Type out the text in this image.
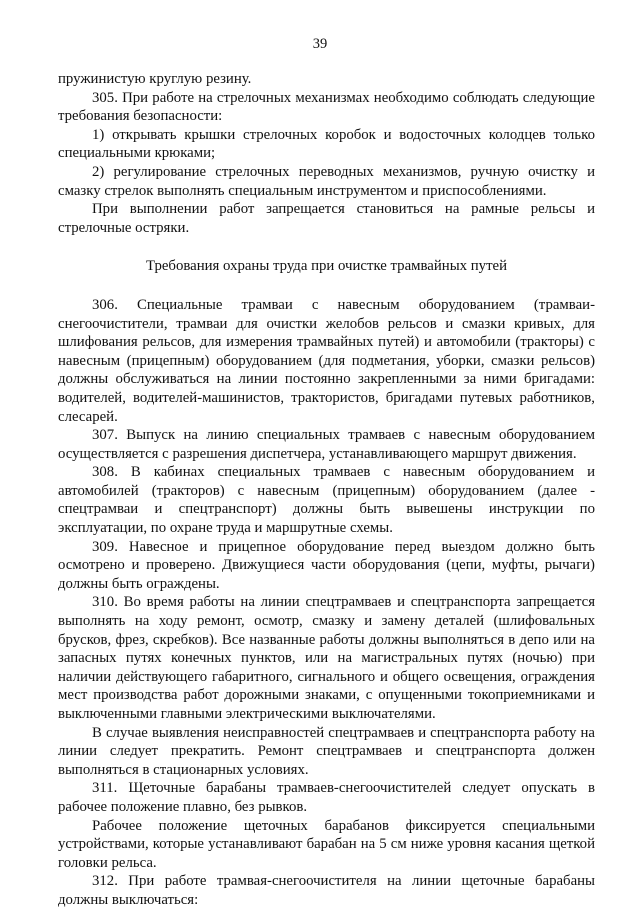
39

пружинистую круглую резину.

305. При работе на стрелочных механизмах необходимо соблюдать следующие требования безопасности:

1) открывать крышки стрелочных коробок и водосточных колодцев только специальными крюками;

2) регулирование стрелочных переводных механизмов, ручную очистку и смазку стрелок выполнять специальным инструментом и приспособлениями.

При выполнении работ запрещается становиться на рамные рельсы и стрелочные остряки.

Требования охраны труда при очистке трамвайных путей

306. Специальные трамваи с навесным оборудованием (трамваи-снегоочистители, трамваи для очистки желобов рельсов и смазки кривых, для шлифования рельсов, для измерения трамвайных путей) и автомобили (тракторы) с навесным (прицепным) оборудованием (для подметания, уборки, смазки рельсов) должны обслуживаться на линии постоянно закрепленными за ними бригадами: водителей, водителей-машинистов, трактористов, бригадами путевых работников, слесарей.

307. Выпуск на линию специальных трамваев с навесным оборудованием осуществляется с разрешения диспетчера, устанавливающего маршрут движения.

308. В кабинах специальных трамваев с навесным оборудованием и автомобилей (тракторов) с навесным (прицепным) оборудованием (далее - спецтрамваи и спецтранспорт) должны быть вывешены инструкции по эксплуатации, по охране труда и маршрутные схемы.

309. Навесное и прицепное оборудование перед выездом должно быть осмотрено и проверено. Движущиеся части оборудования (цепи, муфты, рычаги) должны быть ограждены.

310. Во время работы на линии спецтрамваев и спецтранспорта запрещается выполнять на ходу ремонт, осмотр, смазку и замену деталей (шлифовальных брусков, фрез, скребков). Все названные работы должны выполняться в депо или на запасных путях конечных пунктов, или на магистральных путях (ночью) при наличии действующего габаритного, сигнального и общего освещения, ограждения мест производства работ дорожными знаками, с опущенными токоприемниками и выключенными главными электрическими выключателями.

В случае выявления неисправностей спецтрамваев и спецтранспорта работу на линии следует прекратить. Ремонт спецтрамваев и спецтранспорта должен выполняться в стационарных условиях.

311. Щеточные барабаны трамваев-снегоочистителей следует опускать в рабочее положение плавно, без рывков.

Рабочее положение щеточных барабанов фиксируется специальными устройствами, которые устанавливают барабан на 5 см ниже уровня касания щеткой головки рельса.

312. При работе трамвая-снегоочистителя на линии щеточные барабаны должны выключаться:
